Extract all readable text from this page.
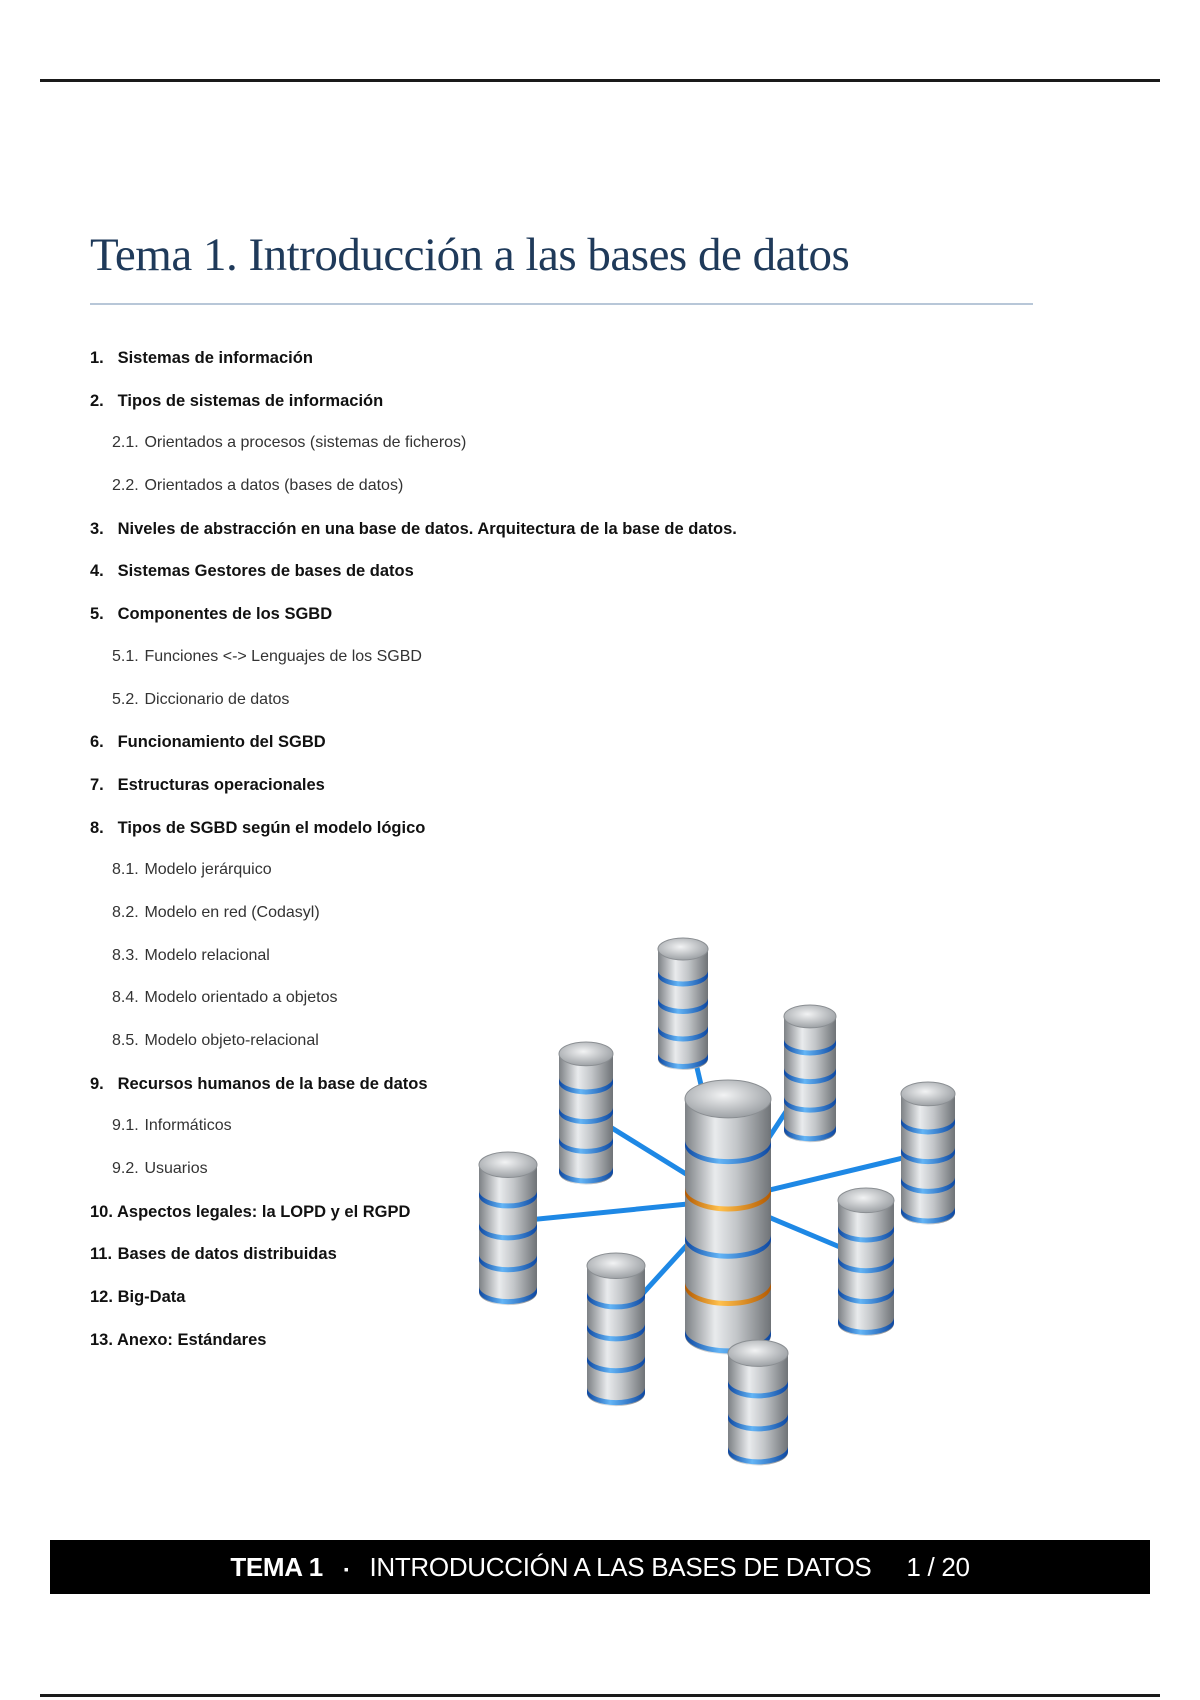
Tema 1. Introducción a las bases de datos
1. Sistemas de información
2. Tipos de sistemas de información
2.1. Orientados a procesos (sistemas de ficheros)
2.2. Orientados a datos (bases de datos)
3. Niveles de abstracción en una base de datos. Arquitectura de la base de datos.
4. Sistemas Gestores de bases de datos
5. Componentes de los SGBD
5.1. Funciones <-> Lenguajes de los SGBD
5.2. Diccionario de datos
6. Funcionamiento del SGBD
7. Estructuras operacionales
8. Tipos de SGBD según el modelo lógico
8.1. Modelo jerárquico
8.2. Modelo en red (Codasyl)
8.3. Modelo relacional
8.4. Modelo orientado a objetos
8.5. Modelo objeto-relacional
9. Recursos humanos de la base de datos
9.1. Informáticos
9.2. Usuarios
10. Aspectos legales: la LOPD y el RGPD
11. Bases de datos distribuidas
12. Big-Data
13. Anexo: Estándares
TEMA 1 ▪ INTRODUCCIÓN A LAS BASES DE DATOS 1 / 20
